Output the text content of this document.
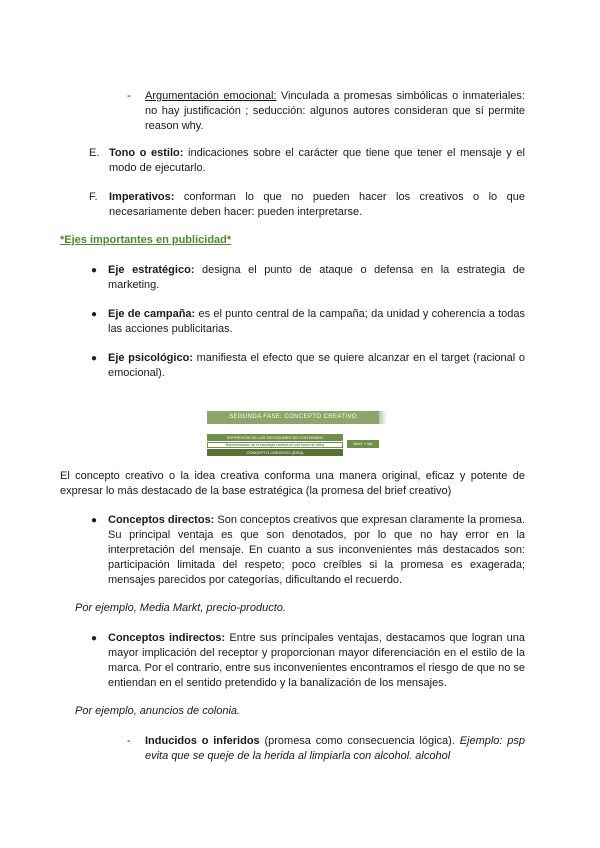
- Argumentación emocional: Vinculada a promesas simbólicas o inmateriales: no hay justificación ; seducción: algunos autores consideran que sí permite reason why.
E. Tono o estilo: indicaciones sobre el carácter que tiene que tener el mensaje y el modo de ejecutarlo.
F. Imperativos: conforman lo que no pueden hacer los creativos o lo que necesariamente deben hacer: pueden interpretarse.
*Ejes importantes en publicidad*
● Eje estratégico: designa el punto de ataque o defensa en la estrategia de marketing.
● Eje de campaña: es el punto central de la campaña; da unidad y coherencia a todas las acciones publicitarias.
● Eje psicológico: manifiesta el efecto que se quiere alcanzar en el target (racional o emocional).
SEGUNDA FASE: CONCEPTO CREATIVO
EXPRESIÓN DE LAS DECISIONES DE CONTENIDO
Representación de la estrategia creativa en una forma de dicha
CONCEPTO CREATIVO (IDEA)
Brief. + eje
El concepto creativo o la idea creativa conforma una manera original, eficaz y potente de expresar lo más destacado de la base estratégica (la promesa del brief creativo)
● Conceptos directos: Son conceptos creativos que expresan claramente la promesa. Su principal ventaja es que son denotados, por lo que no hay error en la interpretación del mensaje. En cuanto a sus inconvenientes más destacados son: participación limitada del respeto; poco creíbles si la promesa es exagerada; mensajes parecidos por categorías, dificultando el recuerdo.
Por ejemplo, Media Markt, precio-producto.
● Conceptos indirectos: Entre sus principales ventajas, destacamos que logran una mayor implicación del receptor y proporcionan mayor diferenciación en el estilo de la marca. Por el contrario, entre sus inconvenientes encontramos el riesgo de que no se entiendan en el sentido pretendido y la banalización de los mensajes.
Por ejemplo, anuncios de colonia.
- Inducidos o inferidos (promesa como consecuencia lógica). Ejemplo: psp evita que se queje de la herida al limpiarla con alcohol. alcohol
